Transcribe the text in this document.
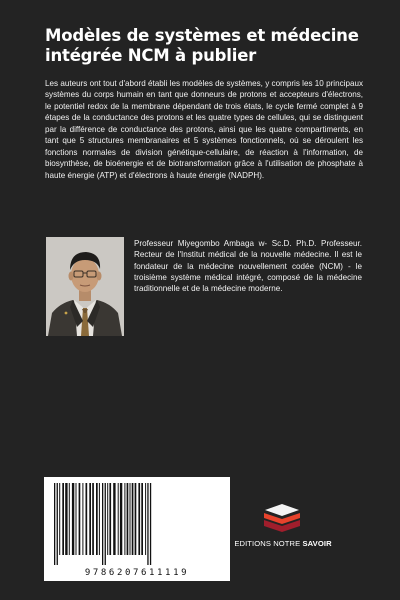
Modèles de systèmes et médecine intégrée NCM à publier

Les auteurs ont tout d'abord établi les modèles de systèmes, y compris les 10 principaux systèmes du corps humain en tant que donneurs de protons et accepteurs d'électrons, le potentiel redox de la membrane dépendant de trois états, le cycle fermé complet à 9 étapes de la conductance des protons et les quatre types de cellules, qui se distinguent par la différence de conductance des protons, ainsi que les quatre compartiments, en tant que 5 structures membranaires et 5 systèmes fonctionnels, où se déroulent les fonctions normales de division génétique-cellulaire, de réaction à l'information, de biosynthèse, de bioénergie et de biotransformation grâce à l'utilisation de phosphate à haute énergie (ATP) et d'électrons à haute énergie (NADPH).

Professeur Miyegombo Ambaga w- Sc.D. Ph.D. Professeur. Recteur de l'Institut médical de la nouvelle médecine. Il est le fondateur de la médecine nouvellement codée (NCM) - le troisième système médical intégré, composé de la médecine traditionnelle et de la médecine moderne.

9786207611119
EDITIONS NOTRE SAVOIR
